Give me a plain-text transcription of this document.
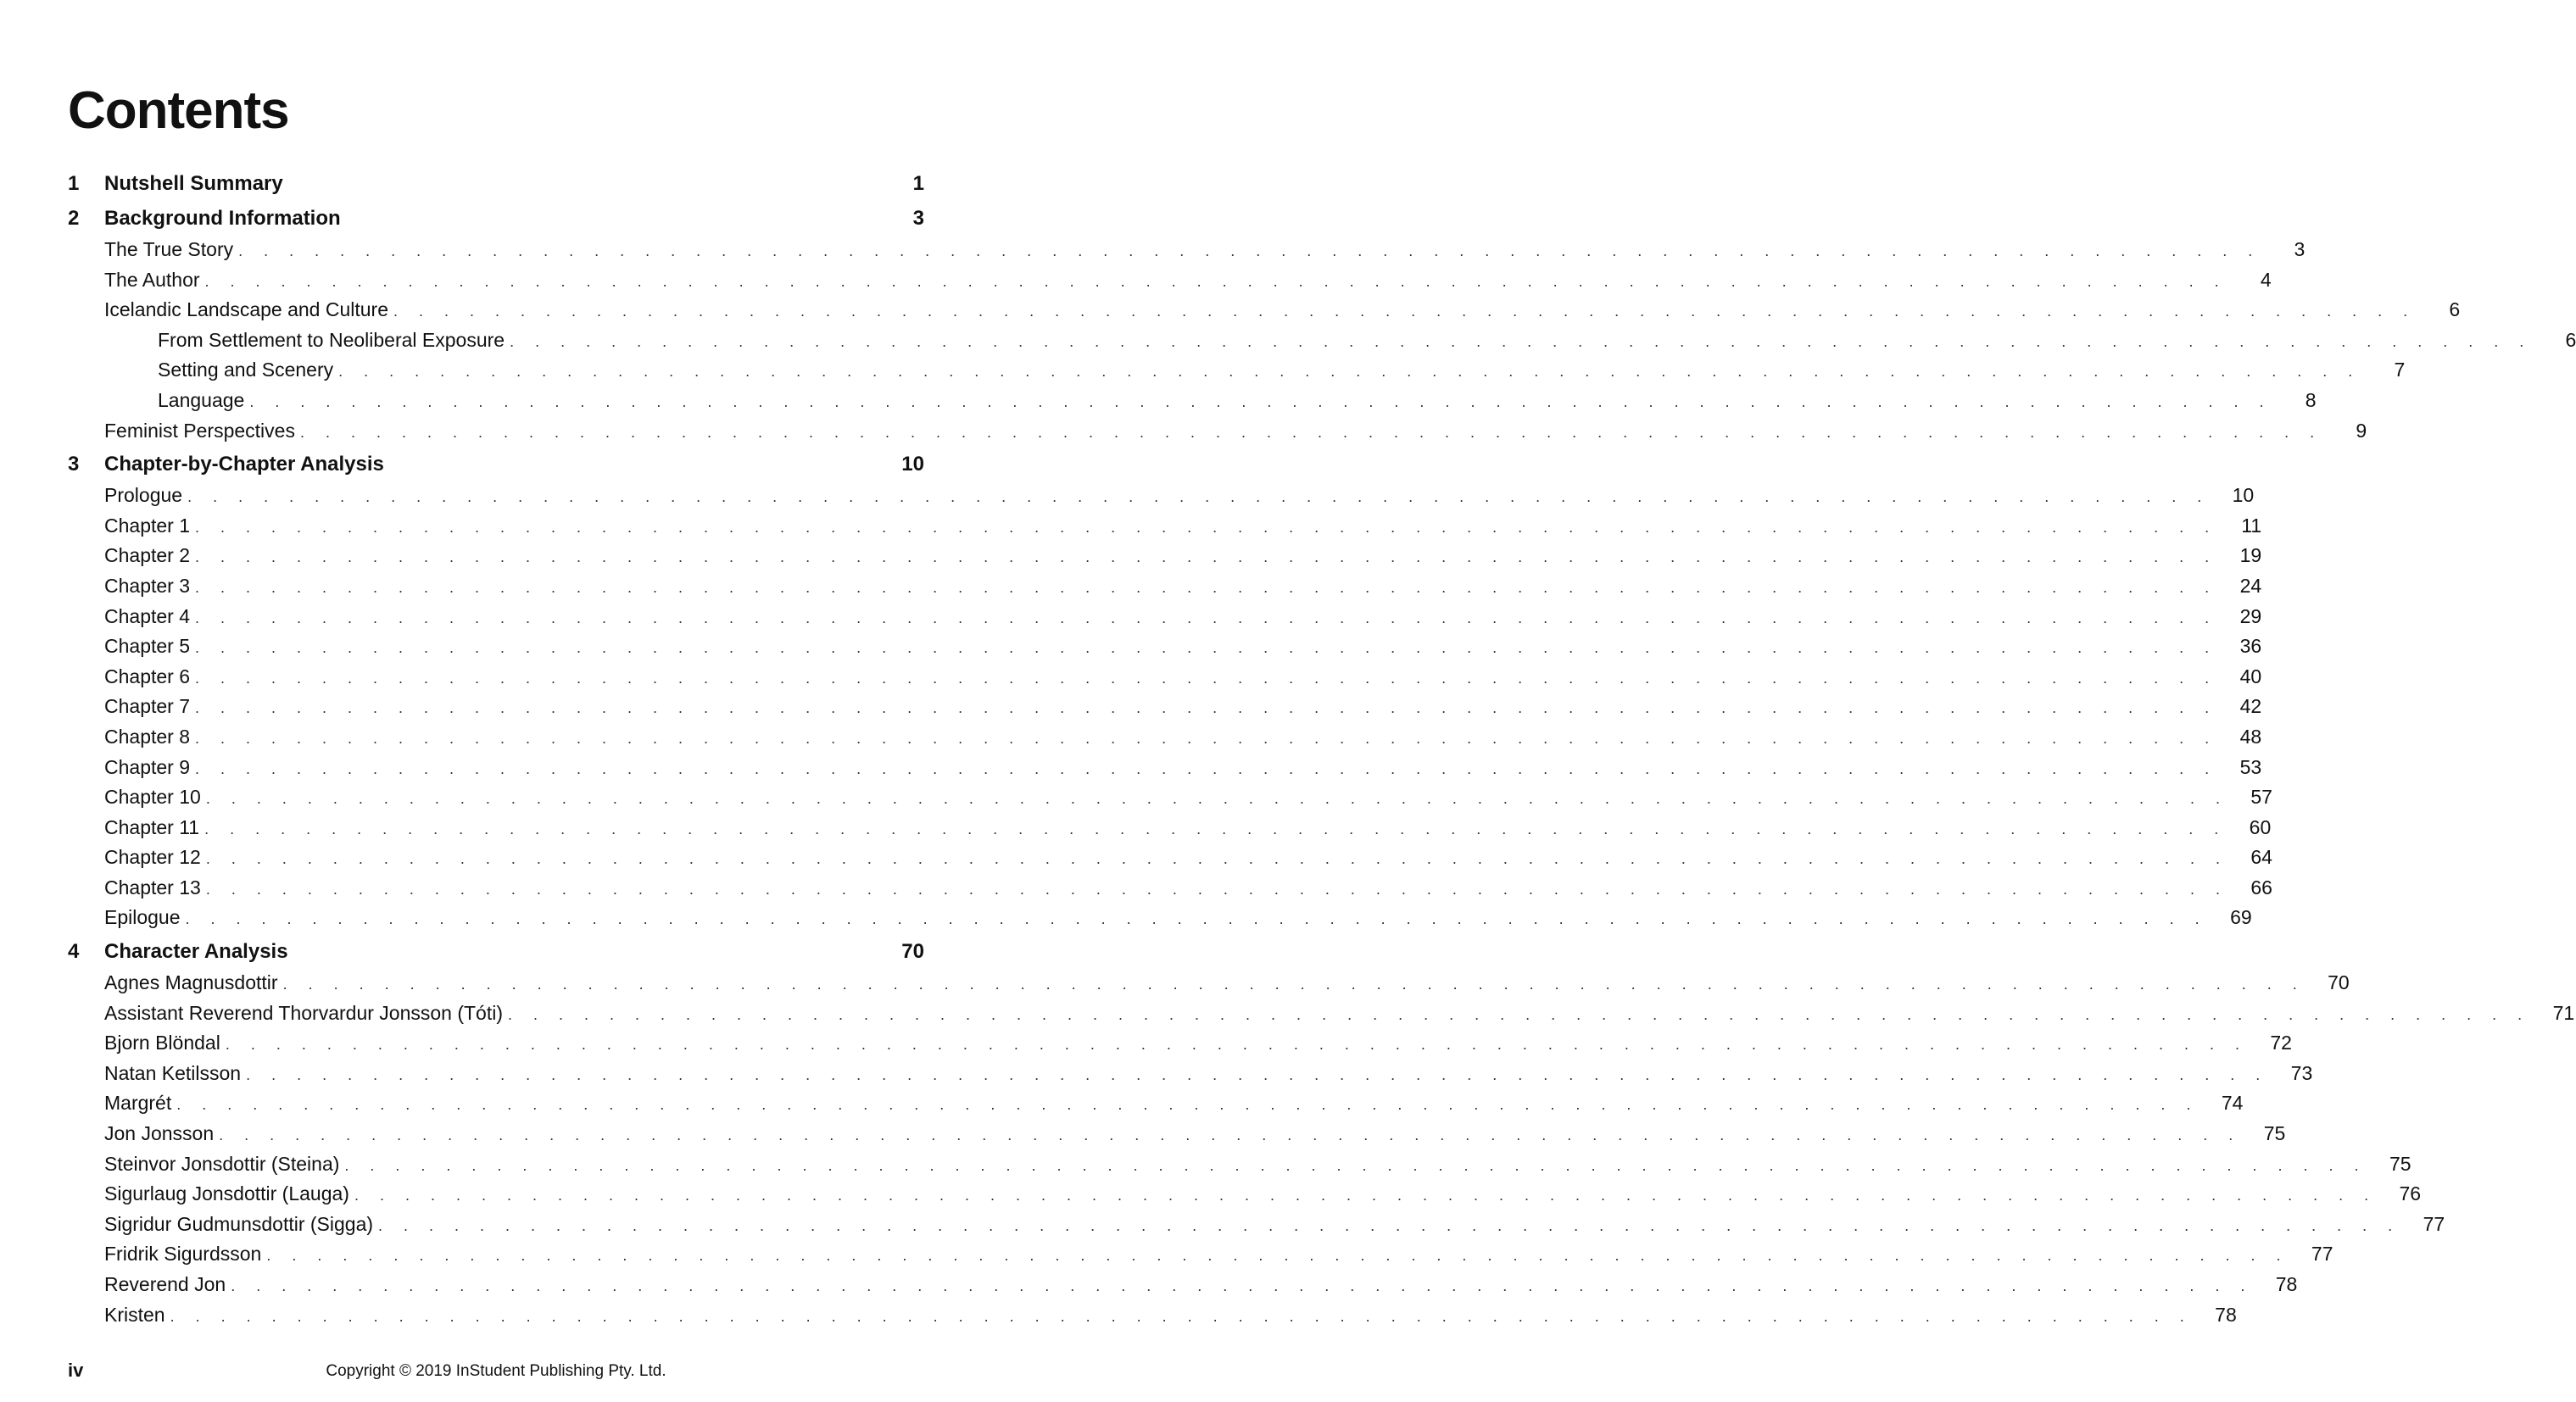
Contents
1	Nutshell Summary	1
2	Background Information	3
The True Story . . . . . . . . . . . . . . . . . . . . . . . . . . . . . . . . . . . . . . . . . . . . . . . . . . . . . . . . . . . . . . . . . . . . . . . . . . . . . . . .	3
The Author . . . . . . . . . . . . . . . . . . . . . . . . . . . . . . . . . . . . . . . . . . . . . . . . . . . . . . . . . . . . . . . . . . . . . . . . . . . . . . . .	4
Icelandic Landscape and Culture . . . . . . . . . . . . . . . . . . . . . . . . . . . . . . . . . . . . . . . . . . . . . . . . . . . . . . . . . . . . . . . . . . . . . . . . . . . . . . . .	6
From Settlement to Neoliberal Exposure . . . . . . . . . . . . . . . . . . . . . . . . . . . . . . . . . . . . . . . . . . . . . . . . . . . . . . . . . . . . . . . . . . . . . . . . . . . . . . . .	6
Setting and Scenery . . . . . . . . . . . . . . . . . . . . . . . . . . . . . . . . . . . . . . . . . . . . . . . . . . . . . . . . . . . . . . . . . . . . . . . . . . . . . . . .	7
Language . . . . . . . . . . . . . . . . . . . . . . . . . . . . . . . . . . . . . . . . . . . . . . . . . . . . . . . . . . . . . . . . . . . . . . . . . . . . . . . .	8
Feminist Perspectives . . . . . . . . . . . . . . . . . . . . . . . . . . . . . . . . . . . . . . . . . . . . . . . . . . . . . . . . . . . . . . . . . . . . . . . . . . . . . . . .	9
3	Chapter-by-Chapter Analysis	10
Prologue . . . . . . . . . . . . . . . . . . . . . . . . . . . . . . . . . . . . . . . . . . . . . . . . . . . . . . . . . . . . . . . . . . . . . . . . . . . . . . . .	10
Chapter 1 . . . . . . . . . . . . . . . . . . . . . . . . . . . . . . . . . . . . . . . . . . . . . . . . . . . . . . . . . . . . . . . . . . . . . . . . . . . . . . . .	11
Chapter 2 . . . . . . . . . . . . . . . . . . . . . . . . . . . . . . . . . . . . . . . . . . . . . . . . . . . . . . . . . . . . . . . . . . . . . . . . . . . . . . . .	19
Chapter 3 . . . . . . . . . . . . . . . . . . . . . . . . . . . . . . . . . . . . . . . . . . . . . . . . . . . . . . . . . . . . . . . . . . . . . . . . . . . . . . . .	24
Chapter 4 . . . . . . . . . . . . . . . . . . . . . . . . . . . . . . . . . . . . . . . . . . . . . . . . . . . . . . . . . . . . . . . . . . . . . . . . . . . . . . . .	29
Chapter 5 . . . . . . . . . . . . . . . . . . . . . . . . . . . . . . . . . . . . . . . . . . . . . . . . . . . . . . . . . . . . . . . . . . . . . . . . . . . . . . . .	36
Chapter 6 . . . . . . . . . . . . . . . . . . . . . . . . . . . . . . . . . . . . . . . . . . . . . . . . . . . . . . . . . . . . . . . . . . . . . . . . . . . . . . . .	40
Chapter 7 . . . . . . . . . . . . . . . . . . . . . . . . . . . . . . . . . . . . . . . . . . . . . . . . . . . . . . . . . . . . . . . . . . . . . . . . . . . . . . . .	42
Chapter 8 . . . . . . . . . . . . . . . . . . . . . . . . . . . . . . . . . . . . . . . . . . . . . . . . . . . . . . . . . . . . . . . . . . . . . . . . . . . . . . . .	48
Chapter 9 . . . . . . . . . . . . . . . . . . . . . . . . . . . . . . . . . . . . . . . . . . . . . . . . . . . . . . . . . . . . . . . . . . . . . . . . . . . . . . . .	53
Chapter 10 . . . . . . . . . . . . . . . . . . . . . . . . . . . . . . . . . . . . . . . . . . . . . . . . . . . . . . . . . . . . . . . . . . . . . . . . . . . . . . . .	57
Chapter 11 . . . . . . . . . . . . . . . . . . . . . . . . . . . . . . . . . . . . . . . . . . . . . . . . . . . . . . . . . . . . . . . . . . . . . . . . . . . . . . . .	60
Chapter 12 . . . . . . . . . . . . . . . . . . . . . . . . . . . . . . . . . . . . . . . . . . . . . . . . . . . . . . . . . . . . . . . . . . . . . . . . . . . . . . . .	64
Chapter 13 . . . . . . . . . . . . . . . . . . . . . . . . . . . . . . . . . . . . . . . . . . . . . . . . . . . . . . . . . . . . . . . . . . . . . . . . . . . . . . . .	66
Epilogue . . . . . . . . . . . . . . . . . . . . . . . . . . . . . . . . . . . . . . . . . . . . . . . . . . . . . . . . . . . . . . . . . . . . . . . . . . . . . . . .	69
4	Character Analysis	70
Agnes Magnusdottir . . . . . . . . . . . . . . . . . . . . . . . . . . . . . . . . . . . . . . . . . . . . . . . . . . . . . . . . . . . . . . . . . . . . . . . . . . . . . . . .	70
Assistant Reverend Thorvardur Jonsson (Tóti) . . . . . . . . . . . . . . . . . . . . . . . . . . . . . . . . . . . . . . . . . . . . . . . . . . . . . . . . . . . . . . . . . . . . . . . . . . . . . . . .	71
Bjorn Blöndal . . . . . . . . . . . . . . . . . . . . . . . . . . . . . . . . . . . . . . . . . . . . . . . . . . . . . . . . . . . . . . . . . . . . . . . . . . . . . . . .	72
Natan Ketilsson . . . . . . . . . . . . . . . . . . . . . . . . . . . . . . . . . . . . . . . . . . . . . . . . . . . . . . . . . . . . . . . . . . . . . . . . . . . . . . . .	73
Margrét . . . . . . . . . . . . . . . . . . . . . . . . . . . . . . . . . . . . . . . . . . . . . . . . . . . . . . . . . . . . . . . . . . . . . . . . . . . . . . . .	74
Jon Jonsson . . . . . . . . . . . . . . . . . . . . . . . . . . . . . . . . . . . . . . . . . . . . . . . . . . . . . . . . . . . . . . . . . . . . . . . . . . . . . . . .	75
Steinvor Jonsdottir (Steina) . . . . . . . . . . . . . . . . . . . . . . . . . . . . . . . . . . . . . . . . . . . . . . . . . . . . . . . . . . . . . . . . . . . . . . . . . . . . . . . .	75
Sigurlaug Jonsdottir (Lauga) . . . . . . . . . . . . . . . . . . . . . . . . . . . . . . . . . . . . . . . . . . . . . . . . . . . . . . . . . . . . . . . . . . . . . . . . . . . . . . . .	76
Sigridur Gudmunsdottir (Sigga) . . . . . . . . . . . . . . . . . . . . . . . . . . . . . . . . . . . . . . . . . . . . . . . . . . . . . . . . . . . . . . . . . . . . . . . . . . . . . . . .	77
Fridrik Sigurdsson . . . . . . . . . . . . . . . . . . . . . . . . . . . . . . . . . . . . . . . . . . . . . . . . . . . . . . . . . . . . . . . . . . . . . . . . . . . . . . . .	77
Reverend Jon . . . . . . . . . . . . . . . . . . . . . . . . . . . . . . . . . . . . . . . . . . . . . . . . . . . . . . . . . . . . . . . . . . . . . . . . . . . . . . . .	78
Kristen . . . . . . . . . . . . . . . . . . . . . . . . . . . . . . . . . . . . . . . . . . . . . . . . . . . . . . . . . . . . . . . . . . . . . . . . . . . . . . . .	78
iv	Copyright © 2019 InStudent Publishing Pty. Ltd.
